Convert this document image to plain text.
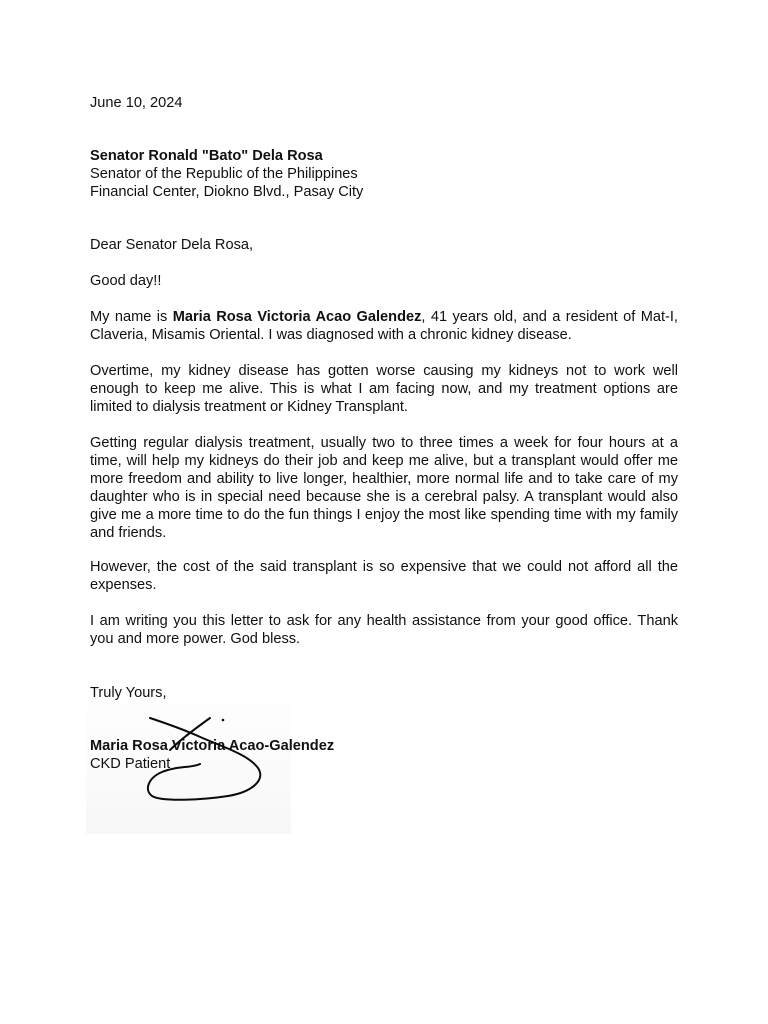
June 10, 2024
Senator Ronald "Bato" Dela Rosa
Senator of the Republic of the Philippines
Financial Center, Diokno Blvd., Pasay City
Dear Senator Dela Rosa,
Good day!!

My name is Maria Rosa Victoria Acao Galendez, 41 years old, and a resident of Mat-I, Claveria, Misamis Oriental. I was diagnosed with a chronic kidney disease.

Overtime, my kidney disease has gotten worse causing my kidneys not to work well enough to keep me alive. This is what I am facing now, and my treatment options are limited to dialysis treatment or Kidney Transplant.

Getting regular dialysis treatment, usually two to three times a week for four hours at a time, will help my kidneys do their job and keep me alive, but a transplant would offer me more freedom and ability to live longer, healthier, more normal life and to take care of my daughter who is in special need because she is a cerebral palsy. A transplant would also give me a more time to do the fun things I enjoy the most like spending time with my family and friends.

However, the cost of the said transplant is so expensive that we could not afford all the expenses.

I am writing you this letter to ask for any health assistance from your good office. Thank you and more power. God bless.

Truly Yours,
Maria Rosa Victoria Acao-Galendez
CKD Patient
